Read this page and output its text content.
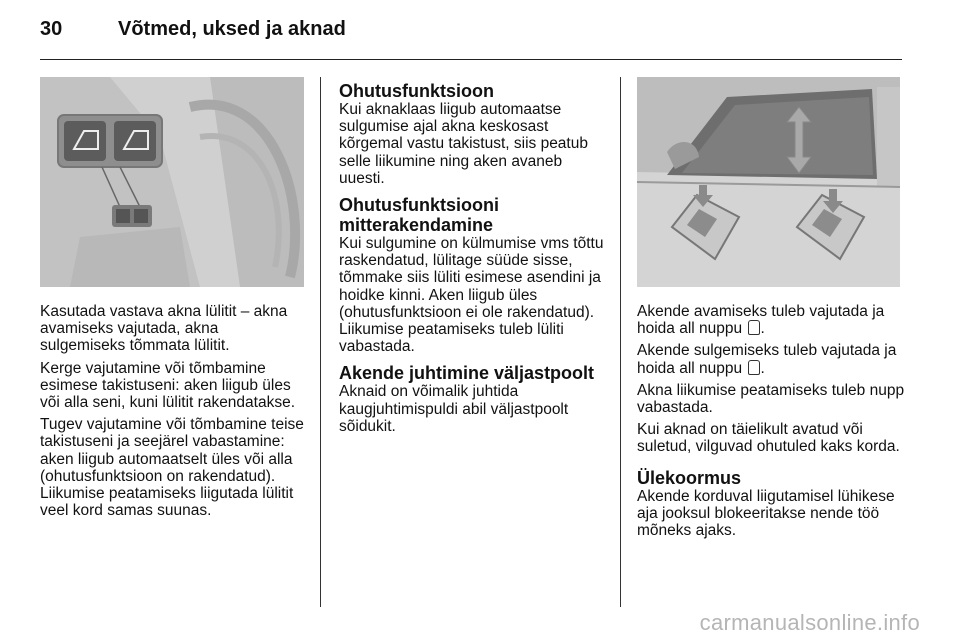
30	Võtmed, uksed ja aknad

Kasutada vastava akna lülitit – akna avamiseks vajutada, akna sulgemiseks tõmmata lülitit.

Kerge vajutamine või tõmbamine esimese takistuseni: aken liigub üles või alla seni, kuni lülitit rakendatakse.

Tugev vajutamine või tõmbamine teise takistuseni ja seejärel vabastamine: aken liigub automaatselt üles või alla (ohutusfunktsioon on rakendatud). Liikumise peatamiseks liigutada lülitit veel kord samas suunas.

Ohutusfunktsioon

Kui aknaklaas liigub automaatse sulgumise ajal akna keskosast kõrgemal vastu takistust, siis peatub selle liikumine ning aken avaneb uuesti.

Ohutusfunktsiooni mitterakendamine

Kui sulgumine on külmumise vms tõttu raskendatud, lülitage süüde sisse, tõmmake siis lüliti esimese asendini ja hoidke kinni. Aken liigub üles (ohutusfunktsioon ei ole rakendatud). Liikumise peatamiseks tuleb lüliti vabastada.

Akende juhtimine väljastpoolt

Aknaid on võimalik juhtida kaugjuhtimispuldi abil väljastpoolt sõidukit.

Akende avamiseks tuleb vajutada ja hoida all nuppu .

Akende sulgemiseks tuleb vajutada ja hoida all nuppu .

Akna liikumise peatamiseks tuleb nupp vabastada.

Kui aknad on täielikult avatud või suletud, vilguvad ohutuled kaks korda.

Ülekoormus

Akende korduval liigutamisel lühikese aja jooksul blokeeritakse nende töö mõneks ajaks.

carmanualsonline.info
